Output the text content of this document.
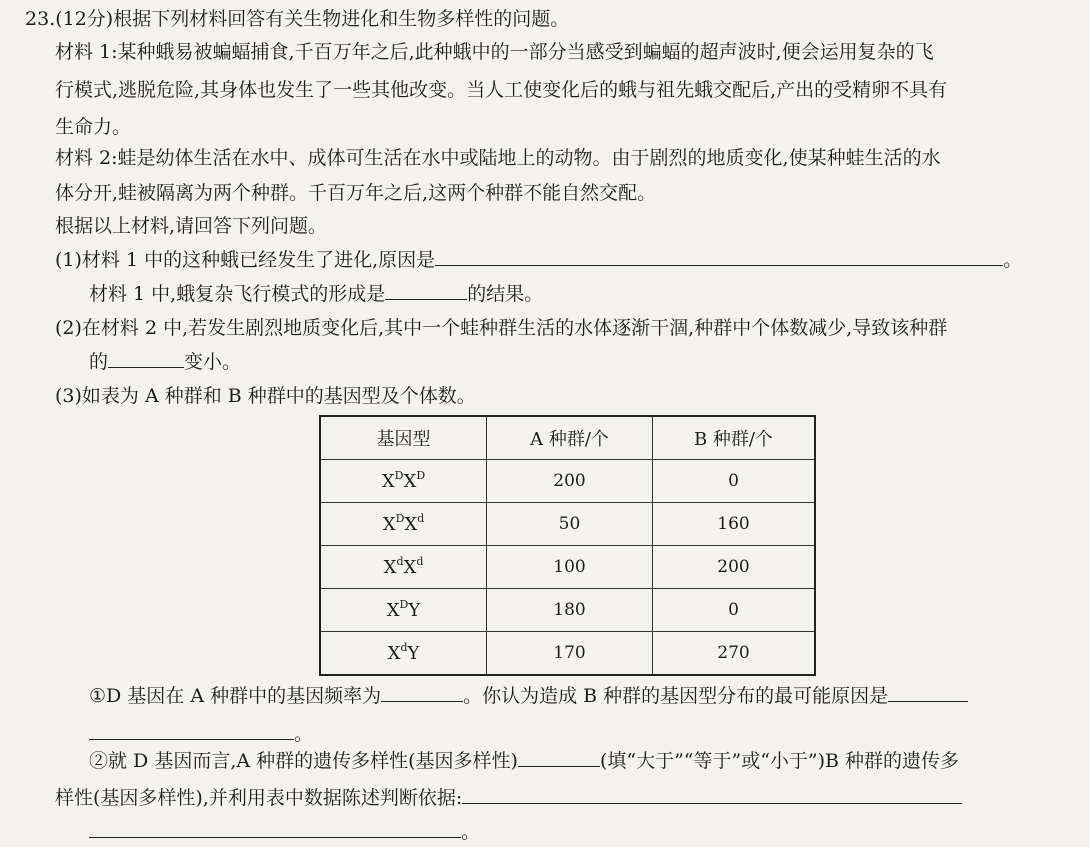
23.(12分)根据下列材料回答有关生物进化和生物多样性的问题。
材料 1:某种蛾易被蝙蝠捕食,千百万年之后,此种蛾中的一部分当感受到蝙蝠的超声波时,便会运用复杂的飞
行模式,逃脱危险,其身体也发生了一些其他改变。当人工使变化后的蛾与祖先蛾交配后,产出的受精卵不具有
生命力。
材料 2:蛙是幼体生活在水中、成体可生活在水中或陆地上的动物。由于剧烈的地质变化,使某种蛙生活的水
体分开,蛙被隔离为两个种群。千百万年之后,这两个种群不能自然交配。
根据以上材料,请回答下列问题。
(1)材料 1 中的这种蛾已经发生了进化,原因是	。
材料 1 中,蛾复杂飞行模式的形成是	的结果。
(2)在材料 2 中,若发生剧烈地质变化后,其中一个蛙种群生活的水体逐渐干涸,种群中个体数减少,导致该种群
的	变小。
(3)如表为 A 种群和 B 种群中的基因型及个体数。
基因型	A 种群/个	B 种群/个
$X^DX^D$	200	0
$X^DX^d$	50	160
$X^dX^d$	100	200
$X^DY$	180	0
$X^dY$	170	270
①D 基因在 A 种群中的基因频率为	。你认为造成 B 种群的基因型分布的最可能原因是
。
②就 D 基因而言,A 种群的遗传多样性(基因多样性)	(填“大于”“等于”或“小于”)B 种群的遗传多
样性(基因多样性),并利用表中数据陈述判断依据:
。
